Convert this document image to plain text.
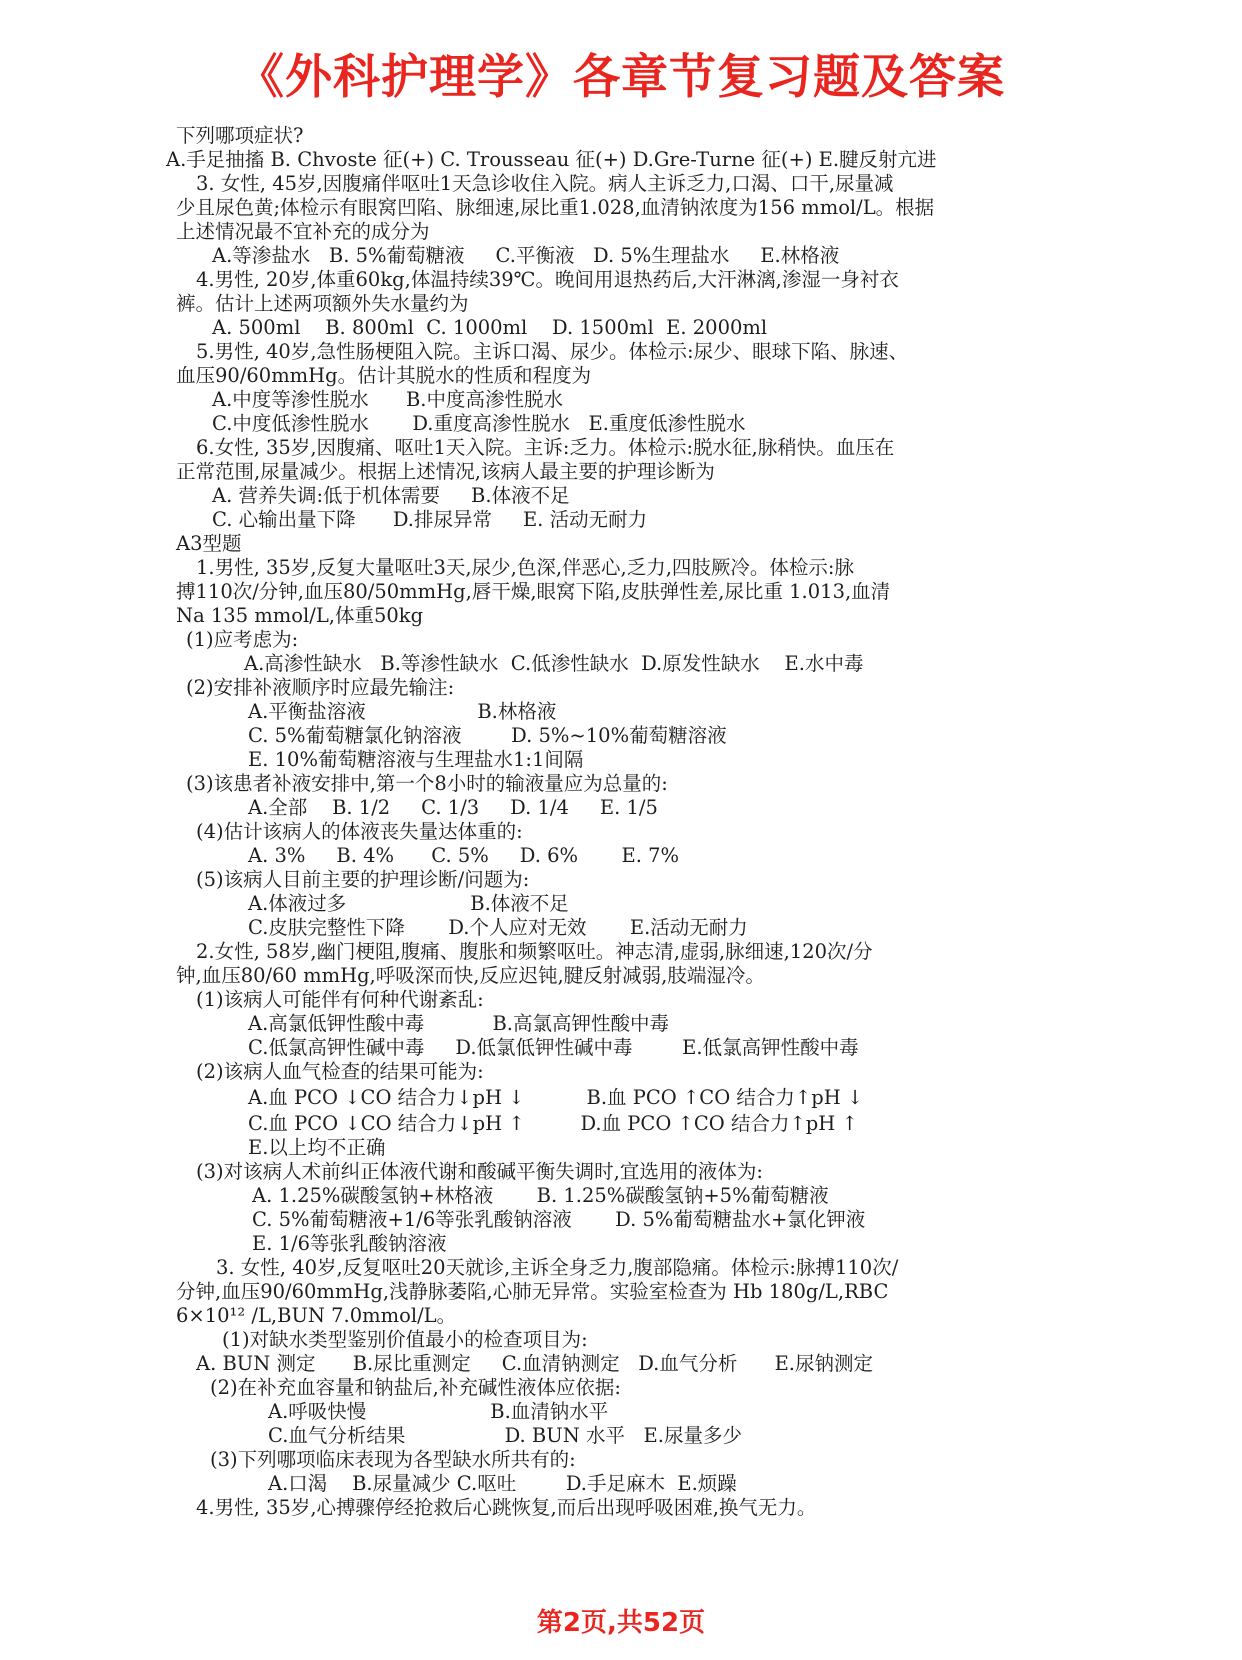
《外科护理学》各章节复习题及答案
下列哪项症状?
A.手足抽搐 B. Chvoste 征(+) C. Trousseau 征(+) D.Gre-Turne 征(+) E.腱反射亢进
3. 女性, 45岁,因腹痛伴呕吐1天急诊收住入院。病人主诉乏力,口渴、口干,尿量减
少且尿色黄;体检示有眼窝凹陷、脉细速,尿比重1.028,血清钠浓度为156 mmol/L。根据
上述情况最不宜补充的成分为
A.等渗盐水   B. 5%葡萄糖液     C.平衡液   D. 5%生理盐水     E.林格液
4.男性, 20岁,体重60kg,体温持续39℃。晚间用退热药后,大汗淋漓,渗湿一身衬衣
裤。估计上述两项额外失水量约为
A. 500ml    B. 800ml  C. 1000ml    D. 1500ml  E. 2000ml
5.男性, 40岁,急性肠梗阻入院。主诉口渴、尿少。体检示:尿少、眼球下陷、脉速、
血压90/60mmHg。估计其脱水的性质和程度为
A.中度等渗性脱水      B.中度高渗性脱水
C.中度低渗性脱水       D.重度高渗性脱水   E.重度低渗性脱水
6.女性, 35岁,因腹痛、呕吐1天入院。主诉:乏力。体检示:脱水征,脉稍快。血压在
正常范围,尿量减少。根据上述情况,该病人最主要的护理诊断为
A. 营养失调:低于机体需要     B.体液不足
C. 心输出量下降      D.排尿异常     E. 活动无耐力
A3型题
1.男性, 35岁,反复大量呕吐3天,尿少,色深,伴恶心,乏力,四肢厥冷。体检示:脉
搏110次/分钟,血压80/50mmHg,唇干燥,眼窝下陷,皮肤弹性差,尿比重 1.013,血清
Na 135 mmol/L,体重50kg
(1)应考虑为:
A.高渗性缺水   B.等渗性缺水  C.低渗性缺水  D.原发性缺水    E.水中毒
(2)安排补液顺序时应最先输注:
A.平衡盐溶液                  B.林格液
C. 5%葡萄糖氯化钠溶液        D. 5%~10%葡萄糖溶液
E. 10%葡萄糖溶液与生理盐水1:1间隔
(3)该患者补液安排中,第一个8小时的输液量应为总量的:
A.全部    B. 1/2     C. 1/3     D. 1/4     E. 1/5
(4)估计该病人的体液丧失量达体重的:
A. 3%     B. 4%      C. 5%     D. 6%       E. 7%
(5)该病人目前主要的护理诊断/问题为:
A.体液过多                    B.体液不足
C.皮肤完整性下降       D.个人应对无效       E.活动无耐力
2.女性, 58岁,幽门梗阻,腹痛、腹胀和频繁呕吐。神志清,虚弱,脉细速,120次/分
钟,血压80/60 mmHg,呼吸深而快,反应迟钝,腱反射减弱,肢端湿冷。
(1)该病人可能伴有何种代谢紊乱:
A.高氯低钾性酸中毒           B.高氯高钾性酸中毒
C.低氯高钾性碱中毒     D.低氯低钾性碱中毒        E.低氯高钾性酸中毒
(2)该病人血气检查的结果可能为:
A.血 PCO ↓CO 结合力↓pH ↓          B.血 PCO ↑CO 结合力↑pH ↓
C.血 PCO ↓CO 结合力↓pH ↑         D.血 PCO ↑CO 结合力↑pH ↑
E.以上均不正确
(3)对该病人术前纠正体液代谢和酸碱平衡失调时,宜选用的液体为:
A. 1.25%碳酸氢钠+林格液       B. 1.25%碳酸氢钠+5%葡萄糖液
C. 5%葡萄糖液+1/6等张乳酸钠溶液       D. 5%葡萄糖盐水+氯化钾液
E. 1/6等张乳酸钠溶液
3. 女性, 40岁,反复呕吐20天就诊,主诉全身乏力,腹部隐痛。体检示:脉搏110次/
分钟,血压90/60mmHg,浅静脉萎陷,心肺无异常。实验室检查为 Hb 180g/L,RBC
6×10¹² /L,BUN 7.0mmol/L。
(1)对缺水类型鉴别价值最小的检查项目为:
A. BUN 测定      B.尿比重测定     C.血清钠测定   D.血气分析      E.尿钠测定
(2)在补充血容量和钠盐后,补充碱性液体应依据:
A.呼吸快慢                    B.血清钠水平
C.血气分析结果                D. BUN 水平   E.尿量多少
(3)下列哪项临床表现为各型缺水所共有的:
A.口渴    B.尿量减少 C.呕吐        D.手足麻木  E.烦躁
4.男性, 35岁,心搏骤停经抢救后心跳恢复,而后出现呼吸困难,换气无力。
第2页,共52页
